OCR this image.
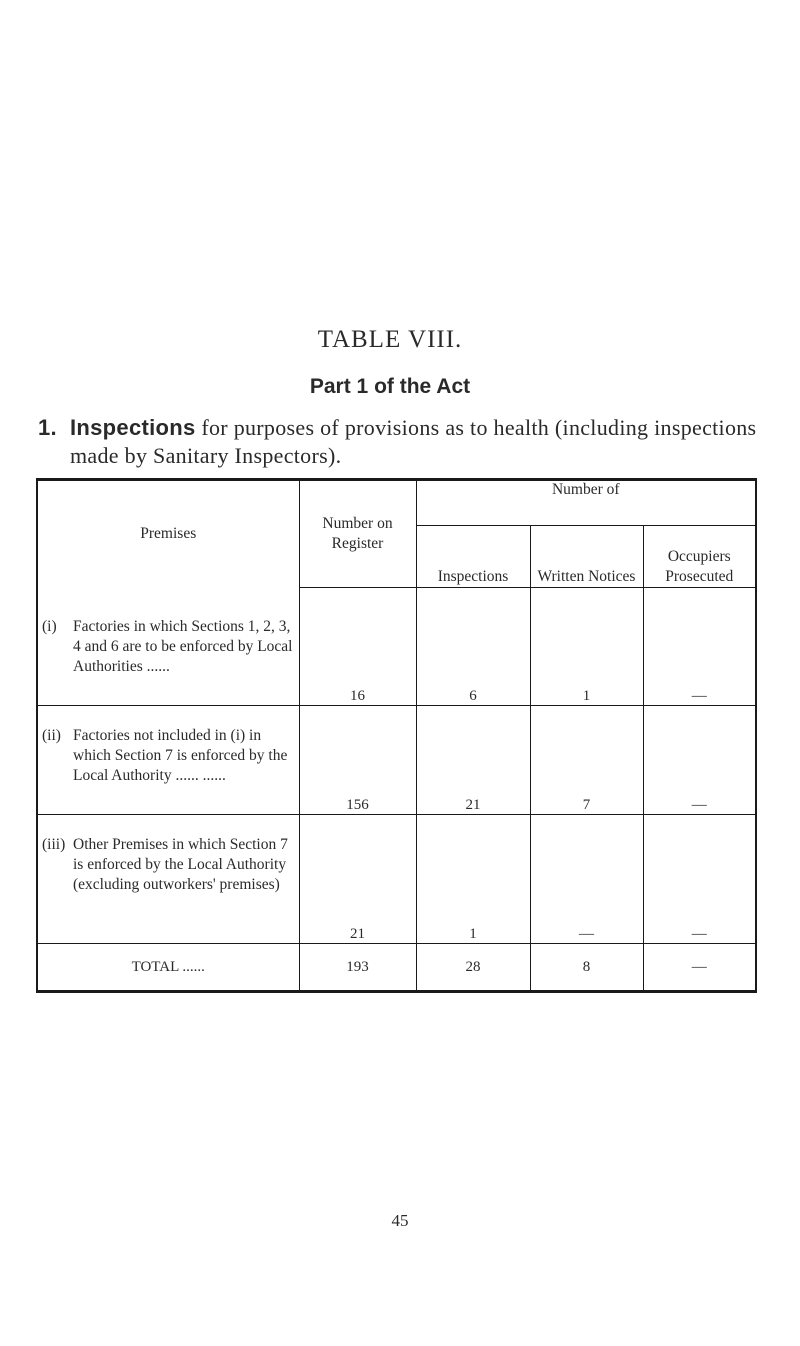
TABLE VIII.
Part 1 of the Act
1. Inspections for purposes of provisions as to health (including inspections made by Sanitary Inspectors).
Premises	Number on Register	Number of		
		Inspections	Written Notices	Occupiers Prosecuted

(i) Factories in which Sections 1, 2, 3, 4 and 6 are to be enforced by Local Authorities ......	16	6	1	—

(ii) Factories not included in (i) in which Section 7 is enforced by the Local Authority ...... ......	156	21	7	—

(iii) Other Premises in which Section 7 is enforced by the Local Authority (excluding outworkers' premises)	21	1	—	—
TOTAL ......	193	28	8	—
45
